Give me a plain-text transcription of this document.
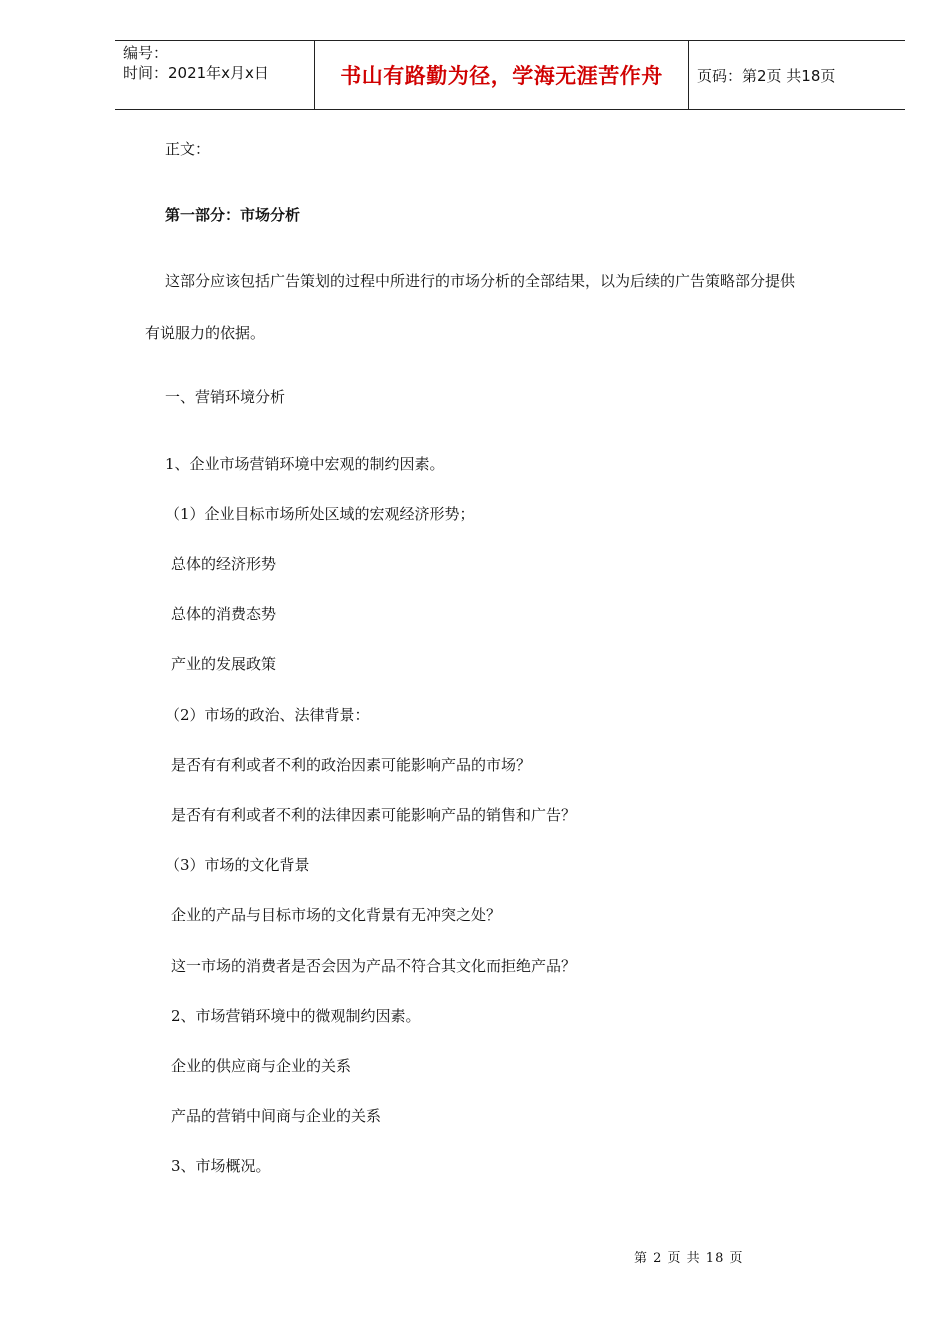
编号：
时间：2021年x月x日	书山有路勤为径，学海无涯苦作舟	页码：第2页 共18页
正文：
第一部分：市场分析
这部分应该包括广告策划的过程中所进行的市场分析的全部结果，以为后续的广告策略部分提供
有说服力的依据。
一、营销环境分析
1、企业市场营销环境中宏观的制约因素。
（1）企业目标市场所处区域的宏观经济形势；
总体的经济形势
总体的消费态势
产业的发展政策
（2）市场的政治、法律背景：
是否有有利或者不利的政治因素可能影响产品的市场？
是否有有利或者不利的法律因素可能影响产品的销售和广告？
（3）市场的文化背景
企业的产品与目标市场的文化背景有无冲突之处？
这一市场的消费者是否会因为产品不符合其文化而拒绝产品？
2、市场营销环境中的微观制约因素。
企业的供应商与企业的关系
产品的营销中间商与企业的关系
3、市场概况。
第 2 页 共 18 页
